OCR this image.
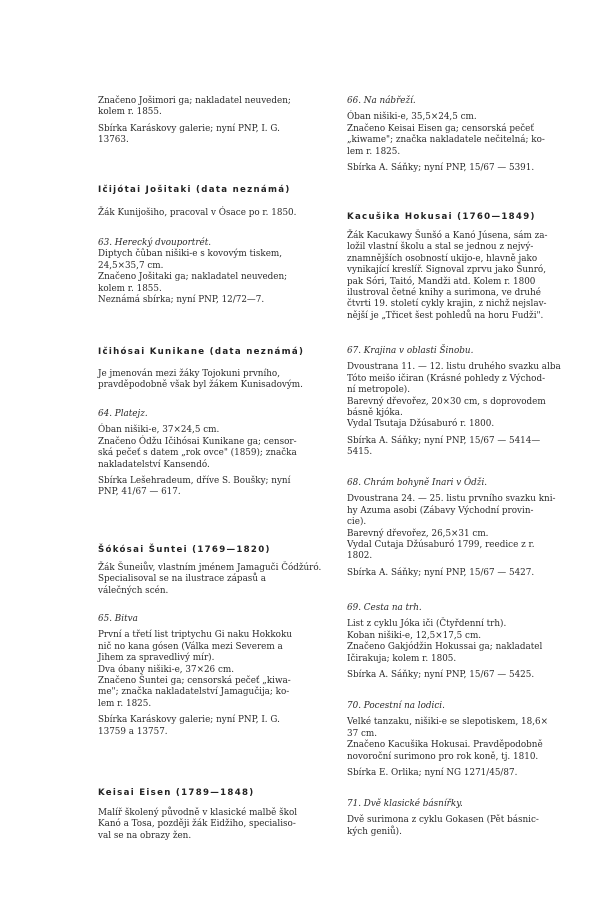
Značeno Jošimori ga; nakladatel neuveden;

kolem r. 1855.

Sbírka Karáskovy galerie; nyní PNP, I. G.

13763.

Ičijótai Jošitaki (data neznámá)

Žák Kunijošiho, pracoval v Ósace po r. 1850.

63. Herecký dvouportrét.

Diptych čûban nišiki-e s kovovým tiskem,

24,5×35,7 cm.

Značeno Jošitaki ga; nakladatel neuveden;

kolem r. 1855.

Neznámá sbírka; nyní PNP, 12/72—7.

Ičihósai Kunikane (data neznámá)

Je jmenován mezi žáky Tojokuni prvního,

pravděpodobně však byl žákem Kunisadovým.

64. Platejz.

Óban nišiki-e, 37×24,5 cm.

Značeno Ódžu Ičihósai Kunikane ga; censor-

ská pečeť s datem „rok ovce" (1859); značka

nakladatelství Kansendó.

Sbírka Lešehradeum, dříve S. Boušky; nyní

PNP, 41/67 — 617.

Šókósai Šuntei (1769—1820)

Žák Šuneiův, vlastním jménem Jamaguči Čódžúró.

Specialisoval se na ilustrace zápasů a

válečných scén.

65. Bitva

První a třetí list triptychu Gi naku Hokkoku

nič no kana gósen (Válka mezi Severem a

Jihem za spravedlivý mír).

Dva óbany nišiki-e, 37×26 cm.

Značeno Šuntei ga; censorská pečeť „kiwa-

me"; značka nakladatelství Jamaguči̇ja; ko-

lem r. 1825.

Sbírka Karáskovy galerie; nyní PNP, I. G.

13759 a 13757.

Keisai Eisen (1789—1848)

Malíř školený původně v klasické malbě škol

Kanó a Tosa, později žák Eidžiho, specialiso-

val se na obrazy žen.

66. Na nábřeží.

Óban nišiki-e, 35,5×24,5 cm.

Značeno Keisai Eisen ga; censorská pečeť

„kiwame"; značka nakladatele nečitelná; ko-

lem r. 1825.

Sbírka A. Sáňky; nyní PNP, 15/67 — 5391.

Kacušika Hokusai (1760—1849)

Žák Kacukawy Šunšó a Kanó Júsena, sám za-

ložil vlastní školu a stal se jednou z nejvý-

znamnějších osobností ukijo-e, hlavně jako

vynikající kreslíř. Signoval zprvu jako Šunró,

pak Sóri, Taitó, Mandži atd. Kolem r. 1800

ilustroval četné knihy a surimona, ve druhé

čtvrti 19. století cykly krajin, z nichž nejslav-

nější je „Třicet šest pohledů na horu Fudži".

67. Krajina v oblasti Šinobu.

Dvoustrana 11. — 12. listu druhého svazku alba

Tóto meišo ičiran (Krásné pohledy z Východ-

ní metropole).

Barevný dřevořez, 20×30 cm, s doprovodem

básně kjóka.

Vydal Tsutaja Džúsaburó r. 1800.

Sbírka A. Sáňky; nyní PNP, 15/67 — 5414—

5415.

68. Chrám bohyně Inari v Ódži.

Dvoustrana 24. — 25. listu prvního svazku kni-

hy Azuma asobi (Zábavy Východní provin-

cie).

Barevný dřevořez, 26,5×31 cm.

Vydal Cutaja Džúsaburó 1799, reedice z r.

1802.

Sbírka A. Sáňky; nyní PNP, 15/67 — 5427.

69. Cesta na trh.

List z cyklu Jóka iči (Čtyřdenní trh).

Koban nišiki-e, 12,5×17,5 cm.

Značeno Gakjódžin Hokussai ga; nakladatel

Ičirakuja; kolem r. 1805.

Sbírka A. Sáňky; nyní PNP, 15/67 — 5425.

70. Pocestní na lodici.

Velké tanzaku, nišiki-e se slepotiskem, 18,6×

37 cm.

Značeno Kacušika Hokusai. Pravděpodobně

novoroční surimono pro rok koně, tj. 1810.

Sbírka E. Orlika; nyní NG 1271/45/87.

71. Dvě klasické básnířky.

Dvě surimona z cyklu Gokasen (Pět básnic-

kých geniů).
